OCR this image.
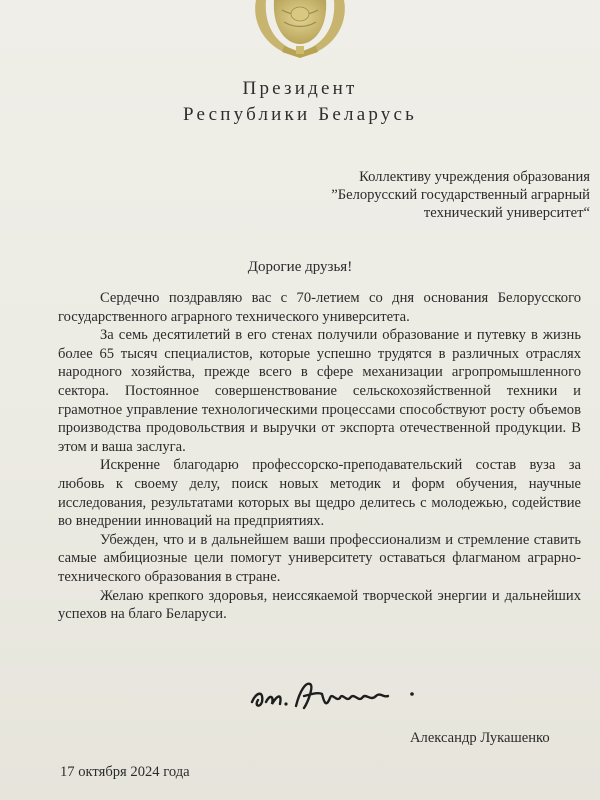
Президент
Республики Беларусь
Коллективу учреждения образования
”Белорусский государственный аграрный
технический университет“
Дорогие друзья!

Сердечно поздравляю вас с 70-летием со дня основания Белорусского государственного аграрного технического университета.

За семь десятилетий в его стенах получили образование и путевку в жизнь более 65 тысяч специалистов, которые успешно трудятся в различных отраслях народного хозяйства, прежде всего в сфере механизации агропромышленного сектора. Постоянное совершенствование сельскохозяйственной техники и грамотное управление технологическими процессами способствуют росту объемов производства продовольствия и выручки от экспорта отечественной продукции. В этом и ваша заслуга.

Искренне благодарю профессорско-преподавательский состав вуза за любовь к своему делу, поиск новых методик и форм обучения, научные исследования, результатами которых вы щедро делитесь с молодежью, содействие во внедрении инноваций на предприятиях.

Убежден, что и в дальнейшем ваши профессионализм и стремление ставить самые амбициозные цели помогут университету оставаться флагманом аграрно-технического образования в стране.

Желаю крепкого здоровья, неиссякаемой творческой энергии и дальнейших успехов на благо Беларуси.

Александр Лукашенко
17 октября 2024 года
